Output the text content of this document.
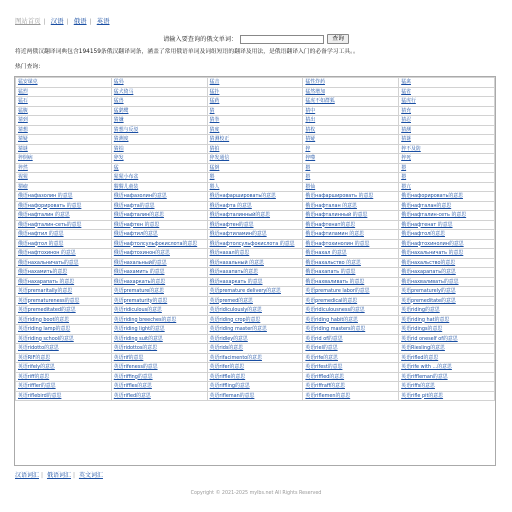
图站首页 | 汉语 | 俄语 | 英语
请输入要查询的俄文单词：	查询
将近两俄汉翻译词典包含194159条俄汉翻译词条，涵盖了常用俄语单词及词组短语的翻译及用法，是俄语翻译入门的必备学习工具。。
热门查询：
猛安谋克	猛犸	猛击	猛性炸药	猛禽
猛烈	猛犬倚马	猛扑	猛然增加	猛省
猛石	猛兽	猛药	猛虎不如群狐	猛虎行
猛腹	猛鹞鹭	猜	猜中	猜充
猜到	猜嫌	猜拳	猜出	猜忍
猜想	猜想与反驳	猜度	猜枚	猜测
猜疑	猜测度	猜测校正	猜疑	猜谜
猜谜	猜拍	猜拍	猝	猝不及防
猝倒病	猝发	猝发通信	猝噬	猝死
猝然	猛	猛倒	猥	猥
猩猩	猩猩小布盆	猥	猥	猥
猬瘤	猬猬儿童装	猥人	猥仙	猥亢
俄语нафазолин 的意思	俄语нафазолин的意思	俄语нафаршировать的意思	俄语нафаршировать 的意思	俄语нафорировать的意思
俄语нафорировать 的意思	俄语нафта的意思	俄语нафта 的意思	俄语нафталан 的意思	俄语нафталан的意思
俄语нафталин 的意思	俄语нафталин的意思	俄语нафталинный的意思	俄语нафталинный 的意思	俄语нафталин-сеть 的意思
俄语нафталин-сеть的意思	俄语нафтен 的意思	俄语нафтен的意思	俄语нафтенат的意思	俄语нафтенат 的意思
俄语нафтил 的意思	俄语нафтил的意思	俄语нафтиламин的意思	俄语нафтиламин 的意思	俄语нафтол的意思
俄语нафтол 的意思	俄语нафтолсульфокислота的意思	俄语нафтолсульфокислота 的意思	俄语нафтохинолин 的意思	俄语нафтохинолин的意思
俄语нафтохинон 的意思	俄语нафтохинон的意思	俄语нахал的意思	俄语нахал 的意思	俄语нахальничать 的意思
俄语нахальничать的意思	俄语нахальный的意思	俄语нахальный 的意思	俄语нахальство 的意思	俄语нахальство的意思
俄语нахамить的意思	俄语нахамить 的意思	俄语нахапать的意思	俄语нахапать 的意思	俄语нахарапать的意思
俄语нахарапать 的意思	俄语нахаркать的意思	俄语нахаркать 的意思	俄语нахваливать 的意思	俄语нахваливать的意思
英语premaritally的意思	英语premature的意思	英语premature delivery的意思	英语premature labor的意思	英语prematurely的意思
英语prematureness的意思	英语prematurity的意思	英语premed的意思	英语premedical的意思	英语premeditate的意思
英语premeditated的意思	英语ridiculous的意思	英语ridiculously的意思	英语ridiculousness的意思	英语riding的意思
英语riding boot的意思	英语riding breeches的意思	英语riding crop的意思	英语riding habit的意思	英语riding hat的意思
英语riding lamp的意思	英语riding light的意思	英语riding master的意思	英语riding masters的意思	英语ridings的意思
英语riding school的意思	英语riding suit的意思	英语ridley的意思	英语rid of的意思	英语rid oneself of的意思
英语ridotto的意思	英语ridottos的意思	英语rids的意思	英语riel的意思	英语Riesling的意思
英语RIF的意思	英语rif的意思	英语rifacimento的意思	英语rife的意思	英语rifled的意思
英语rifely的意思	英语rifeness的意思	英语rifer的意思	英语rifest的意思	英语rife with ...的意思
英语riff的意思	英语riffing的意思	英语riffle的意思	英语riffled的意思	英语riffleman的意思
英语riffler的意思	英语riffles的意思	英语riffling的意思	英语riffraff的意思	英语riffs的意思
英语riflebird的意思	英语rifled的意思	英语rifleman的意思	英语riflemen的意思	英语rifle pit的意思
汉语词汇 | 俄语词汇 | 英文词汇
Copyright © 2021-2025 mylbs.net All Rights Reserved
